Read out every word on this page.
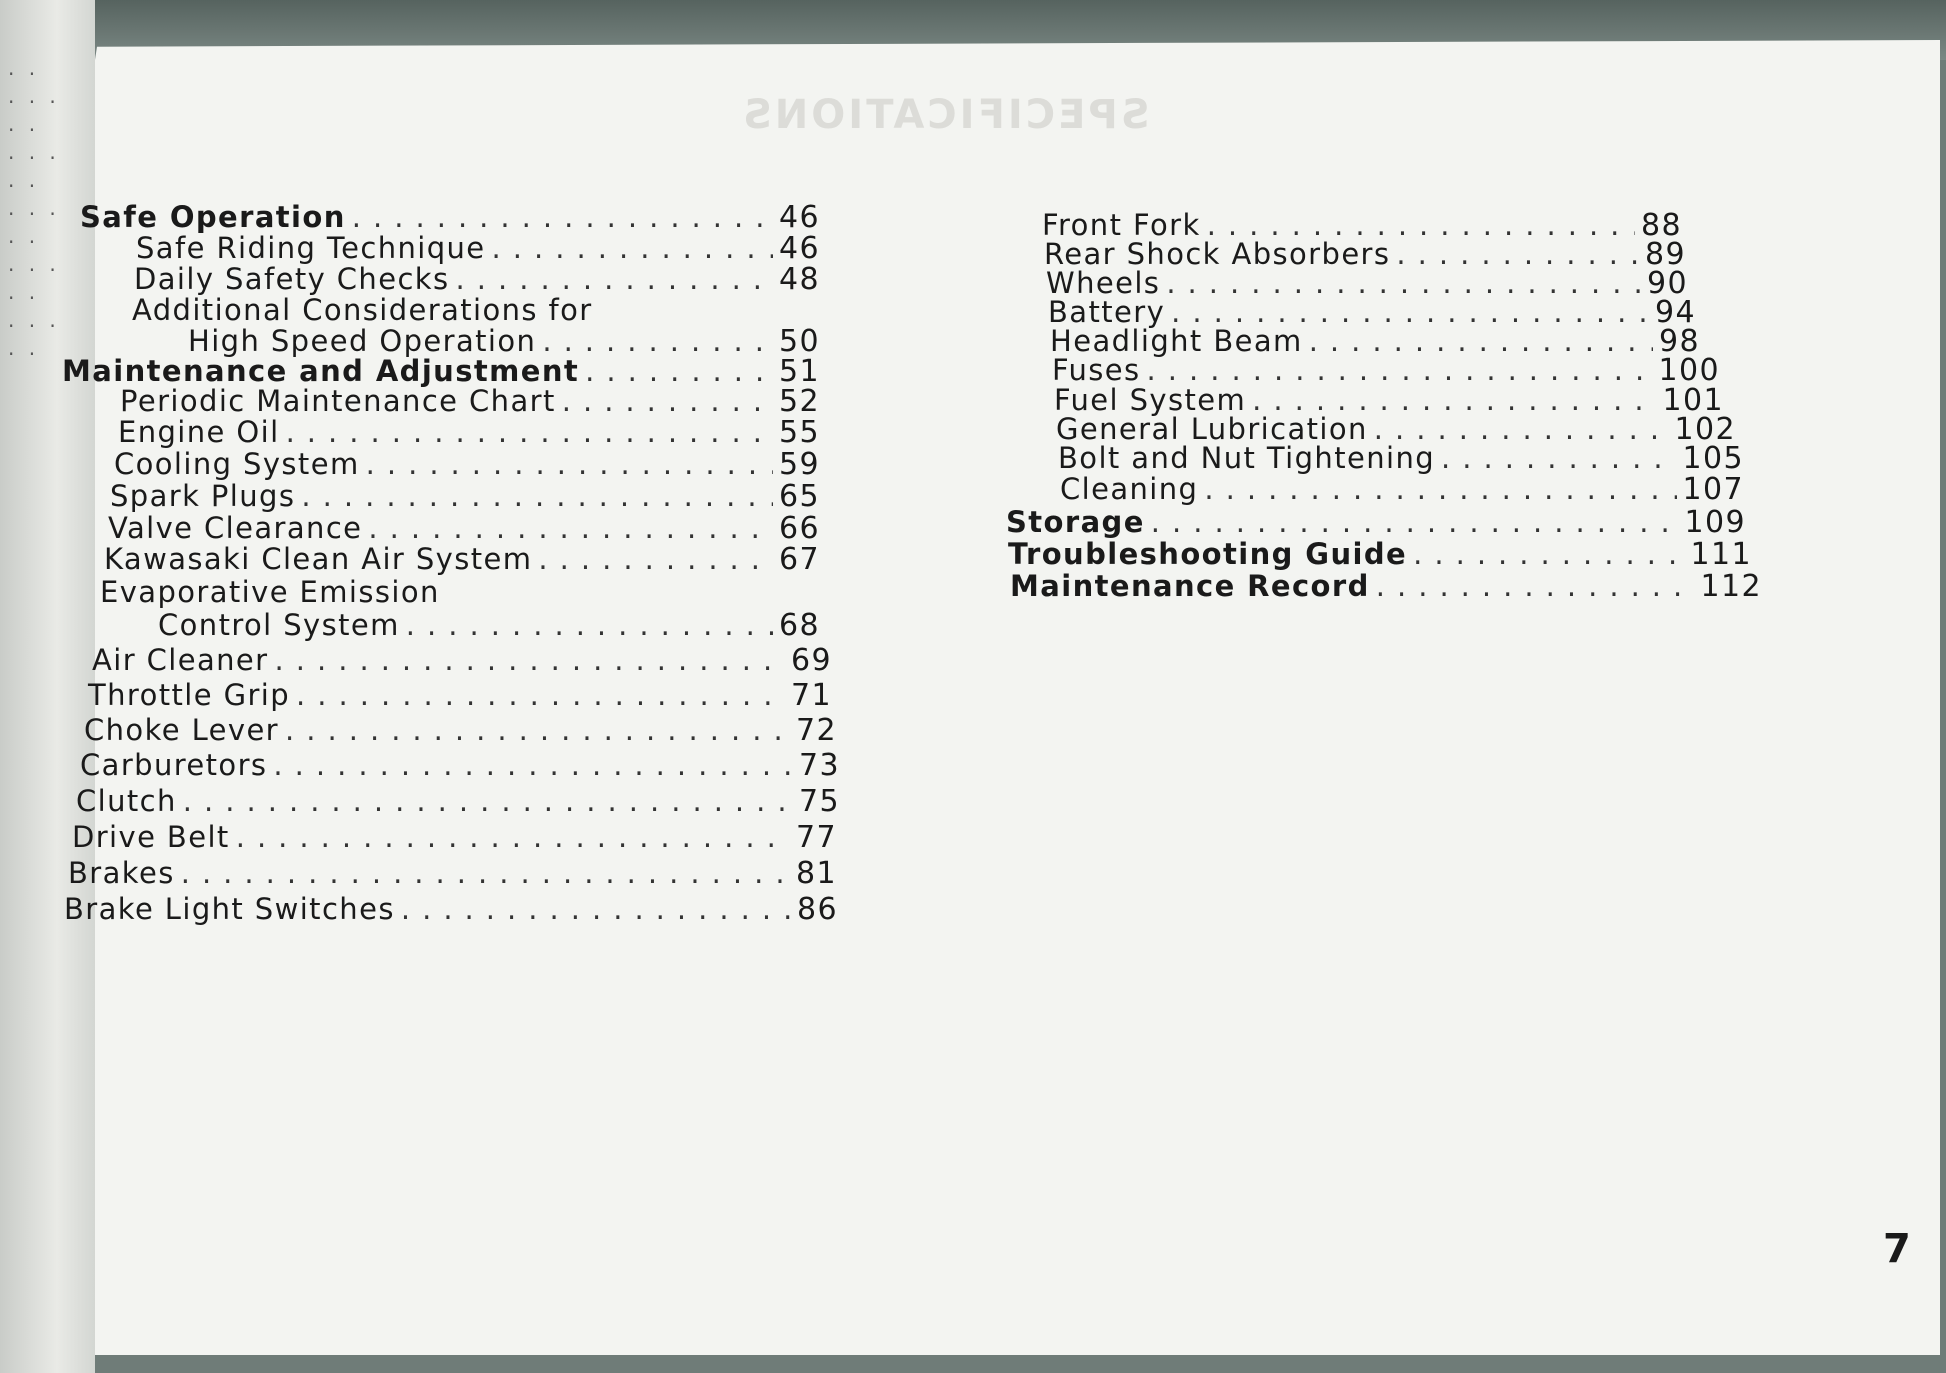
· ·
· · ·
· ·
· · ·
· ·
· · ·
· ·
· · ·
· ·
· · ·
· ·
SPECIFICATIONS
Safe Operation . . .	46
Safe Riding Technique . . .	46
Daily Safety Checks . . .	48
Additional Considerations for
High Speed Operation . . .	50
Maintenance and Adjustment . . .	51
Periodic Maintenance Chart . . .	52
Engine Oil . . .	55
Cooling System . . .	59
Spark Plugs . . .	65
Valve Clearance . . .	66
Kawasaki Clean Air System . . .	67
Evaporative Emission
Control System . . .	68
Air Cleaner . . .	69
Throttle Grip . . .	71
Choke Lever . . .	72
Carburetors . . .	73
Clutch . . .	75
Drive Belt . . .	77
Brakes . . .	81
Brake Light Switches . . .	86
Front Fork . . .	88
Rear Shock Absorbers . . .	89
Wheels . . .	90
Battery . . .	94
Headlight Beam . . .	98
Fuses . . .	100
Fuel System . . .	101
General Lubrication . . .	102
Bolt and Nut Tightening . . .	105
Cleaning . . .	107
Storage . . .	109
Troubleshooting Guide . . .	111
Maintenance Record . . .	112
7
